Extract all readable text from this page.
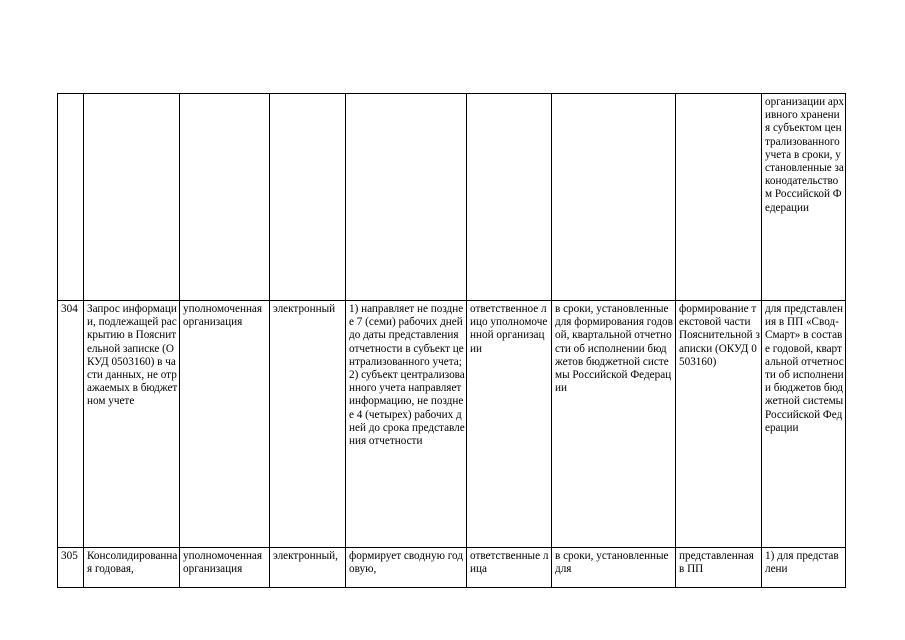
								организации архивного хранения субъектом централизованного учета в сроки, установленные законодательством Российской Федерации
304	Запрос информации, подлежащей раскрытию в Пояснительной записке (ОКУД 0503160) в части данных, не отражаемых в бюджетном учете	уполномоченная организация	электронный	1) направляет не позднее 7 (семи) рабочих дней до даты представления отчетности в субъект централизованного учета; 2) субъект централизованного учета направляет информацию, не позднее 4 (четырех) рабочих дней до срока представления отчетности	ответственное лицо уполномоченной организации	в сроки, установленные для формирования годовой, квартальной отчетности об исполнении бюджетов бюджетной системы Российской Федерации	формирование текстовой части Пояснительной записки (ОКУД 0503160)	для представления в ПП «Свод-Смарт» в составе годовой, квартальной отчетности об исполнении бюджетов бюджетной системы Российской Федерации
305	Консолидированная годовая,	уполномоченная организация	электронный,	формирует сводную годовую,	ответственные лица	в сроки, установленные для	представленная в ПП	1) для представлени
